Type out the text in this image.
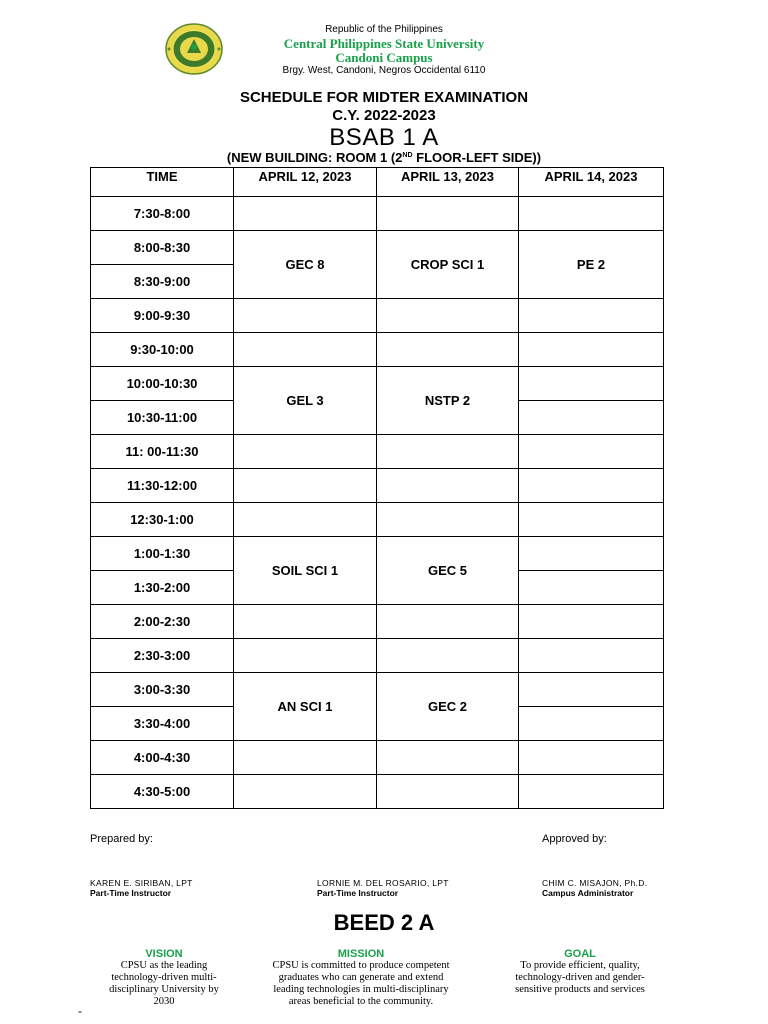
Republic of the Philippines
Central Philippines State University
Candoni Campus
Brgy. West, Candoni, Negros Occidental 6110
SCHEDULE FOR MIDTER EXAMINATION
C.Y. 2022-2023
BSAB 1 A
(NEW BUILDING: ROOM 1 (2ND FLOOR-LEFT SIDE))
TIME	APRIL 12, 2023	APRIL 13, 2023	APRIL 14, 2023
7:30-8:00			
8:00-8:30	GEC 8	CROP SCI 1	PE 2
8:30-9:00			
9:00-9:30			
9:30-10:00			
10:00-10:30	GEL 3	NSTP 2	
10:30-11:00			
11: 00-11:30			
11:30-12:00			
12:30-1:00			
1:00-1:30	SOIL SCI 1	GEC 5	
1:30-2:00			
2:00-2:30			
2:30-3:00			
3:00-3:30	AN SCI 1	GEC 2	
3:30-4:00			
4:00-4:30			
4:30-5:00			
Prepared by:	Approved by:
KAREN E. SIRIBAN, LPT
Part-Time Instructor
LORNIE M. DEL ROSARIO, LPT
Part-Time Instructor
CHIM C. MISAJON, Ph.D.
Campus Administrator
BEED 2 A
VISION
CPSU as the leading
technology-driven multi-
disciplinary University by
2030
MISSION
CPSU is committed to produce competent
graduates who can generate and extend
leading technologies in multi-disciplinary
areas beneficial to the community.
GOAL
To provide efficient, quality,
technology-driven and gender-
sensitive products and services
-
